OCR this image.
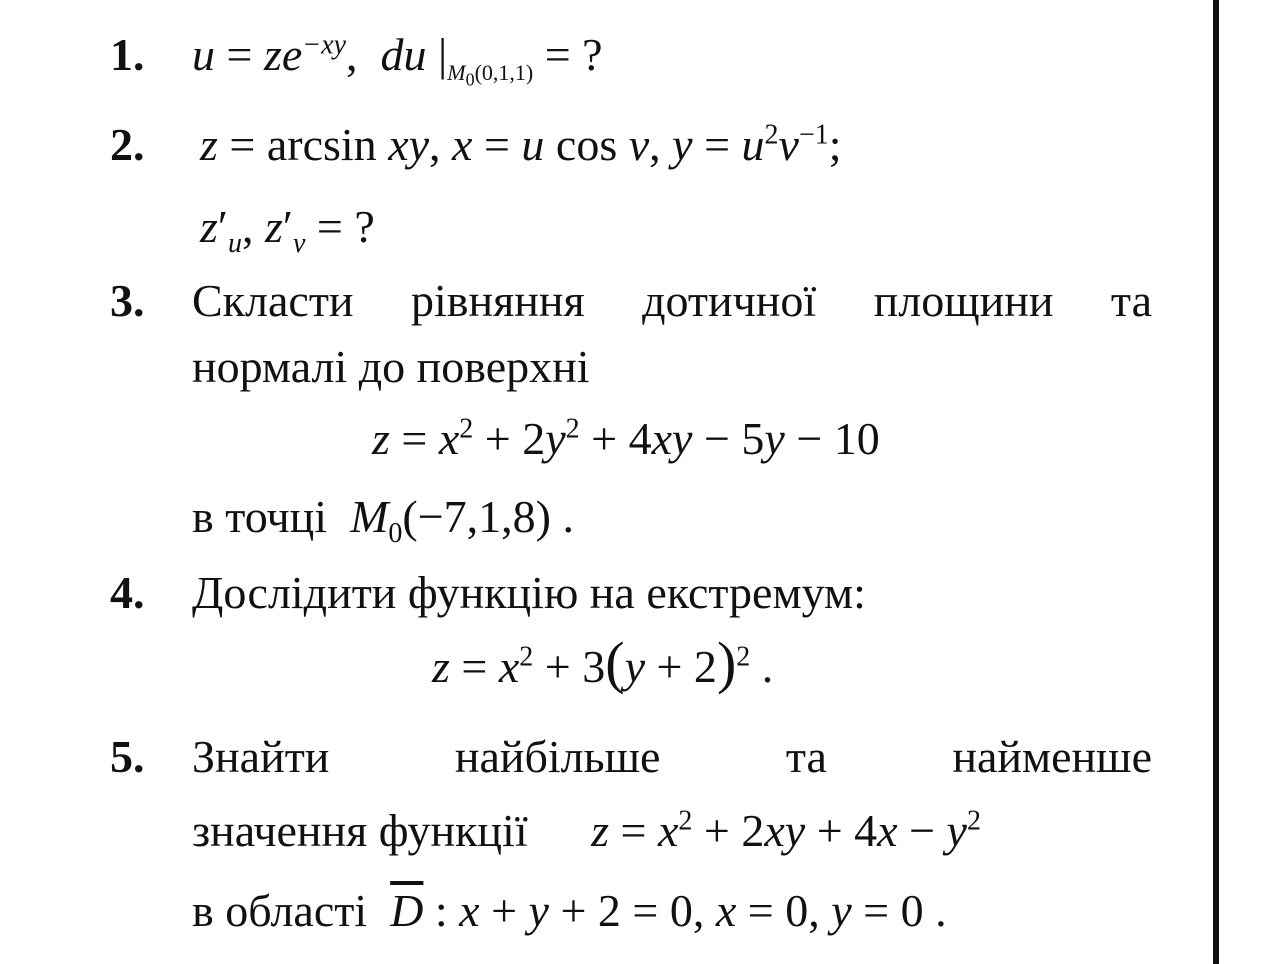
1. $u = ze^{-xy}$,  du $|_{M_0(0,1,1)}$ = ?
2. z = arcsin xy, x = u cos v, $y = u^2v^{-1}$;
$z'_u$, $z'_v$ = ?
3. Скласти рівняння дотичної площини та
нормалі до поверхні
$z = x^2 + 2y^2 + 4xy - 5y - 10$
в точці $M_0(-7,1,8)$ .
4. Дослідити функцію на екстремум:
$z = x^2 + 3(y + 2)^2$ .
5. Знайти найбільше та найменше
значення функції $z = x^2 + 2xy + 4x - y^2$
в області $\overline{D}$ : x + y + 2 = 0, x = 0, y = 0 .
